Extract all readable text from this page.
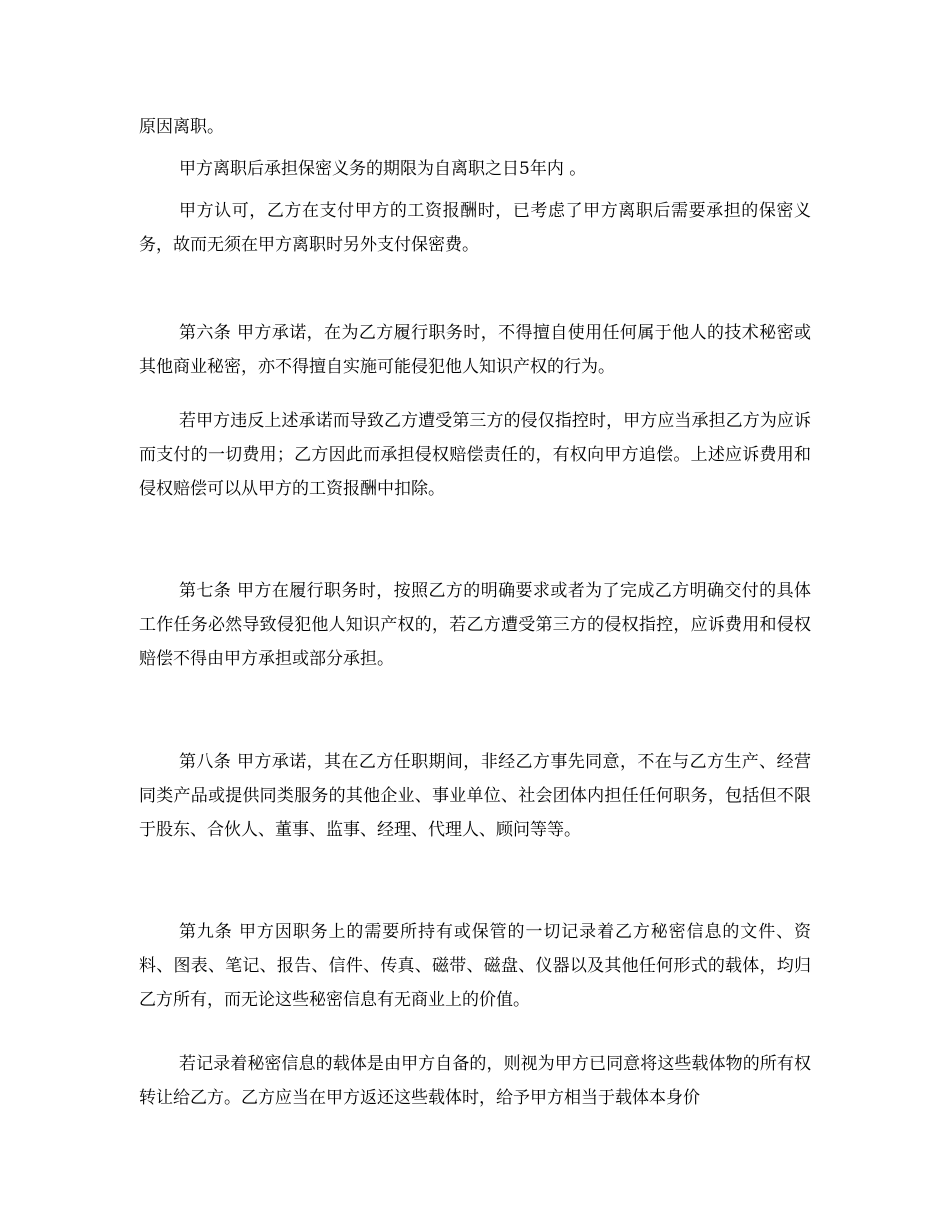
原因离职。

甲方离职后承担保密义务的期限为自离职之日5年内 。

甲方认可，乙方在支付甲方的工资报酬时，已考虑了甲方离职后需要承担的保密义务，故而无须在甲方离职时另外支付保密费。

第六条 甲方承诺，在为乙方履行职务时，不得擅自使用任何属于他人的技术秘密或其他商业秘密，亦不得擅自实施可能侵犯他人知识产权的行为。

若甲方违反上述承诺而导致乙方遭受第三方的侵仅指控时，甲方应当承担乙方为应诉而支付的一切费用；乙方因此而承担侵权赔偿责任的，有权向甲方追偿。上述应诉费用和侵权赔偿可以从甲方的工资报酬中扣除。

第七条 甲方在履行职务时，按照乙方的明确要求或者为了完成乙方明确交付的具体工作任务必然导致侵犯他人知识产权的，若乙方遭受第三方的侵权指控，应诉费用和侵权赔偿不得由甲方承担或部分承担。

第八条 甲方承诺，其在乙方任职期间，非经乙方事先同意，不在与乙方生产、经营同类产品或提供同类服务的其他企业、事业单位、社会团体内担任任何职务，包括但不限于股东、合伙人、董事、监事、经理、代理人、顾问等等。

第九条 甲方因职务上的需要所持有或保管的一切记录着乙方秘密信息的文件、资料、图表、笔记、报告、信件、传真、磁带、磁盘、仪器以及其他任何形式的载体，均归乙方所有，而无论这些秘密信息有无商业上的价值。

若记录着秘密信息的载体是由甲方自备的，则视为甲方已同意将这些载体物的所有权转让给乙方。乙方应当在甲方返还这些载体时，给予甲方相当于载体本身价
